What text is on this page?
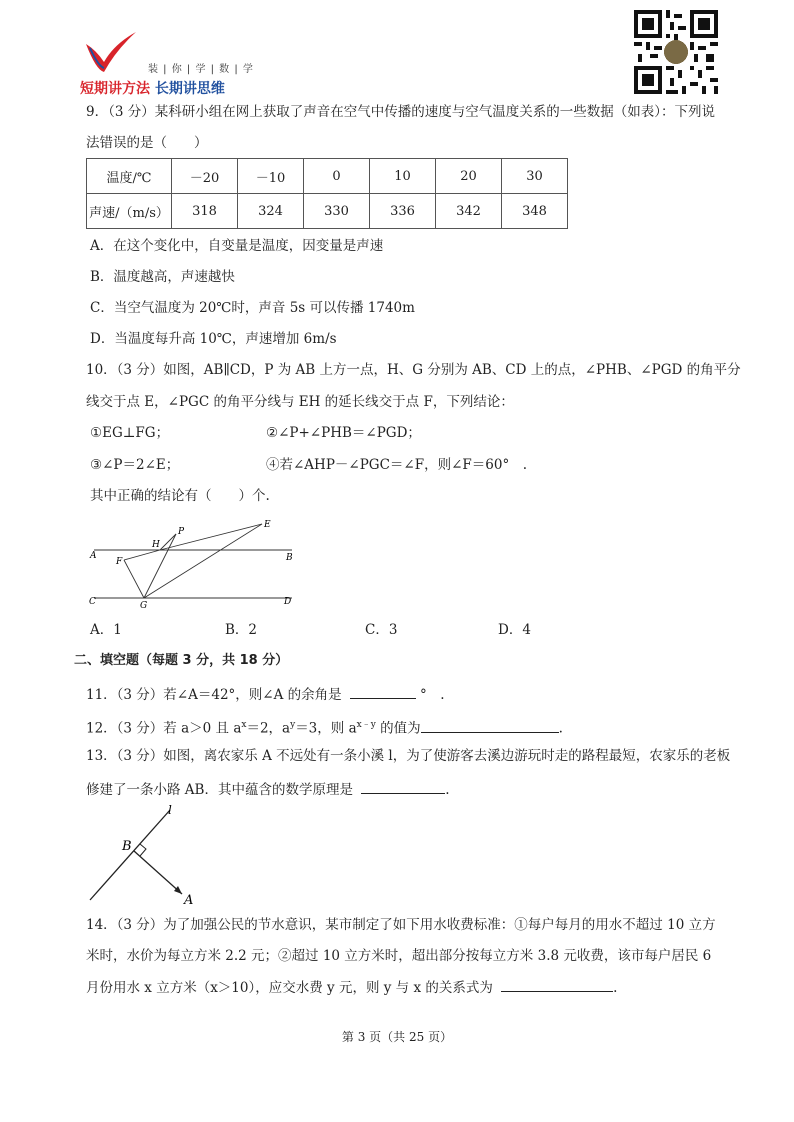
装 | 你 | 学 | 数 | 学
短期讲方法 长期讲思维
9．（3 分）某科研小组在网上获取了声音在空气中传播的速度与空气温度关系的一些数据（如表）：下列说
法错误的是（　　）
温度/℃	－20	－10	0	10	20	30
声速/（m/s）	318	324	330	336	342	348
A．在这个变化中，自变量是温度，因变量是声速
B．温度越高，声速越快
C．当空气温度为 20℃时，声音 5s 可以传播 1740m
D．当温度每升高 10℃，声速增加 6m/s
10．（3 分）如图，AB∥CD，P 为 AB 上方一点，H、G 分别为 AB、CD 上的点，∠PHB、∠PGD 的角平分
线交于点 E，∠PGC 的角平分线与 EH 的延长线交于点 F，下列结论：
①EG⊥FG；	②∠P+∠PHB＝∠PGD；
③∠P＝2∠E；	④若∠AHP－∠PGC＝∠F，则∠F＝60°　.
其中正确的结论有（　　）个.
A	B
C	D
P
H
E
F
G
A．1	B．2	C．3	D．4
二、填空题（每题 3 分，共 18 分）
11．（3 分）若∠A＝42°，则∠A 的余角是	°　.
12．（3 分）若 a＞0 且 $a^x=2$，$a^y=3$，则 $a^{x﹣y}$ 的值为	.
13．（3 分）如图，离农家乐 A 不远处有一条小溪 l，为了使游客去溪边游玩时走的路程最短，农家乐的老板
修建了一条小路 AB．其中蕴含的数学原理是	.
l
B
A
14．（3 分）为了加强公民的节水意识，某市制定了如下用水收费标准：①每户每月的用水不超过 10 立方
米时，水价为每立方米 2.2 元；②超过 10 立方米时，超出部分按每立方米 3.8 元收费，该市每户居民 6
月份用水 x 立方米（x＞10），应交水费 y 元，则 y 与 x 的关系式为	.
第 3 页（共 25 页）
